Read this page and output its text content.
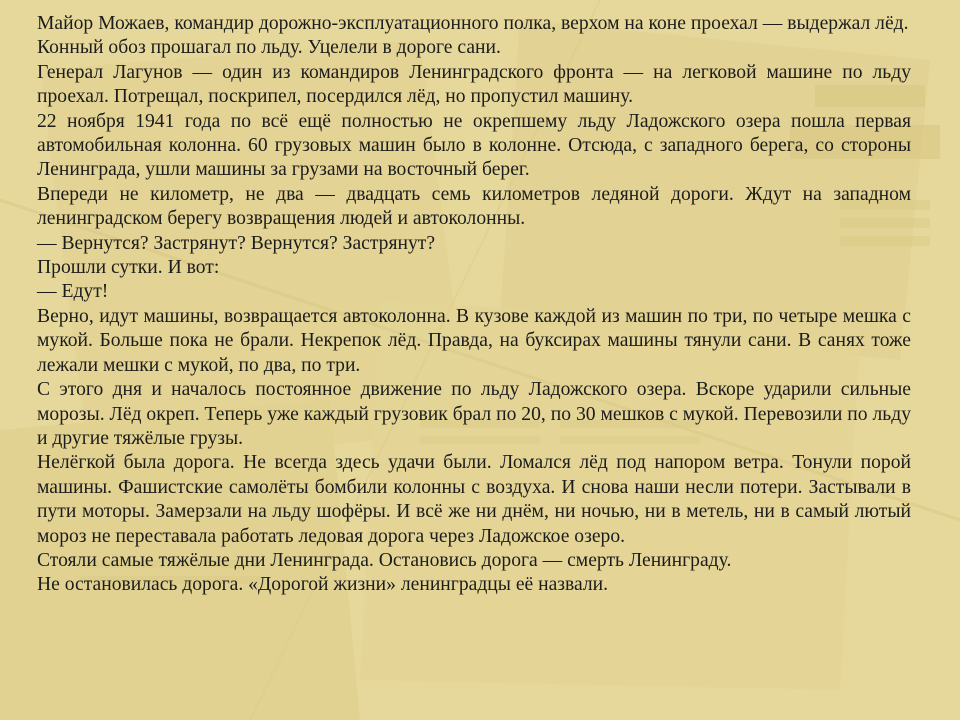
Майор Можаев, командир дорожно-эксплуатационного полка, верхом на коне проехал — выдержал лёд.

Конный обоз прошагал по льду. Уцелели в дороге сани.

Генерал Лагунов — один из командиров Ленинградского фронта — на легковой машине по льду проехал. Потрещал, поскрипел, посердился лёд, но пропустил машину.

22 ноября 1941 года по всё ещё полностью не окрепшему льду Ладожского озера пошла первая автомобильная колонна. 60 грузовых машин было в колонне. Отсюда, с западного берега, со стороны Ленинграда, ушли машины за грузами на восточный берег.

Впереди не километр, не два — двадцать семь километров ледяной дороги. Ждут на западном ленинградском берегу возвращения людей и автоколонны.

— Вернутся? Застрянут? Вернутся? Застрянут?

Прошли сутки. И вот:

— Едут!

Верно, идут машины, возвращается автоколонна. В кузове каждой из машин по три, по четыре мешка с мукой. Больше пока не брали. Некрепок лёд. Правда, на буксирах машины тянули сани. В санях тоже лежали мешки с мукой, по два, по три.

С этого дня и началось постоянное движение по льду Ладожского озера. Вскоре ударили сильные морозы. Лёд окреп. Теперь уже каждый грузовик брал по 20, по 30 мешков с мукой. Перевозили по льду и другие тяжёлые грузы.

Нелёгкой была дорога. Не всегда здесь удачи были. Ломался лёд под напором ветра. Тонули порой машины. Фашистские самолёты бомбили колонны с воздуха. И снова наши несли потери. Застывали в пути моторы. Замерзали на льду шофёры. И всё же ни днём, ни ночью, ни в метель, ни в самый лютый мороз не переставала работать ледовая дорога через Ладожское озеро.

Стояли самые тяжёлые дни Ленинграда. Остановись дорога — смерть Ленинграду.

Не остановилась дорога. «Дорогой жизни» ленинградцы её назвали.
